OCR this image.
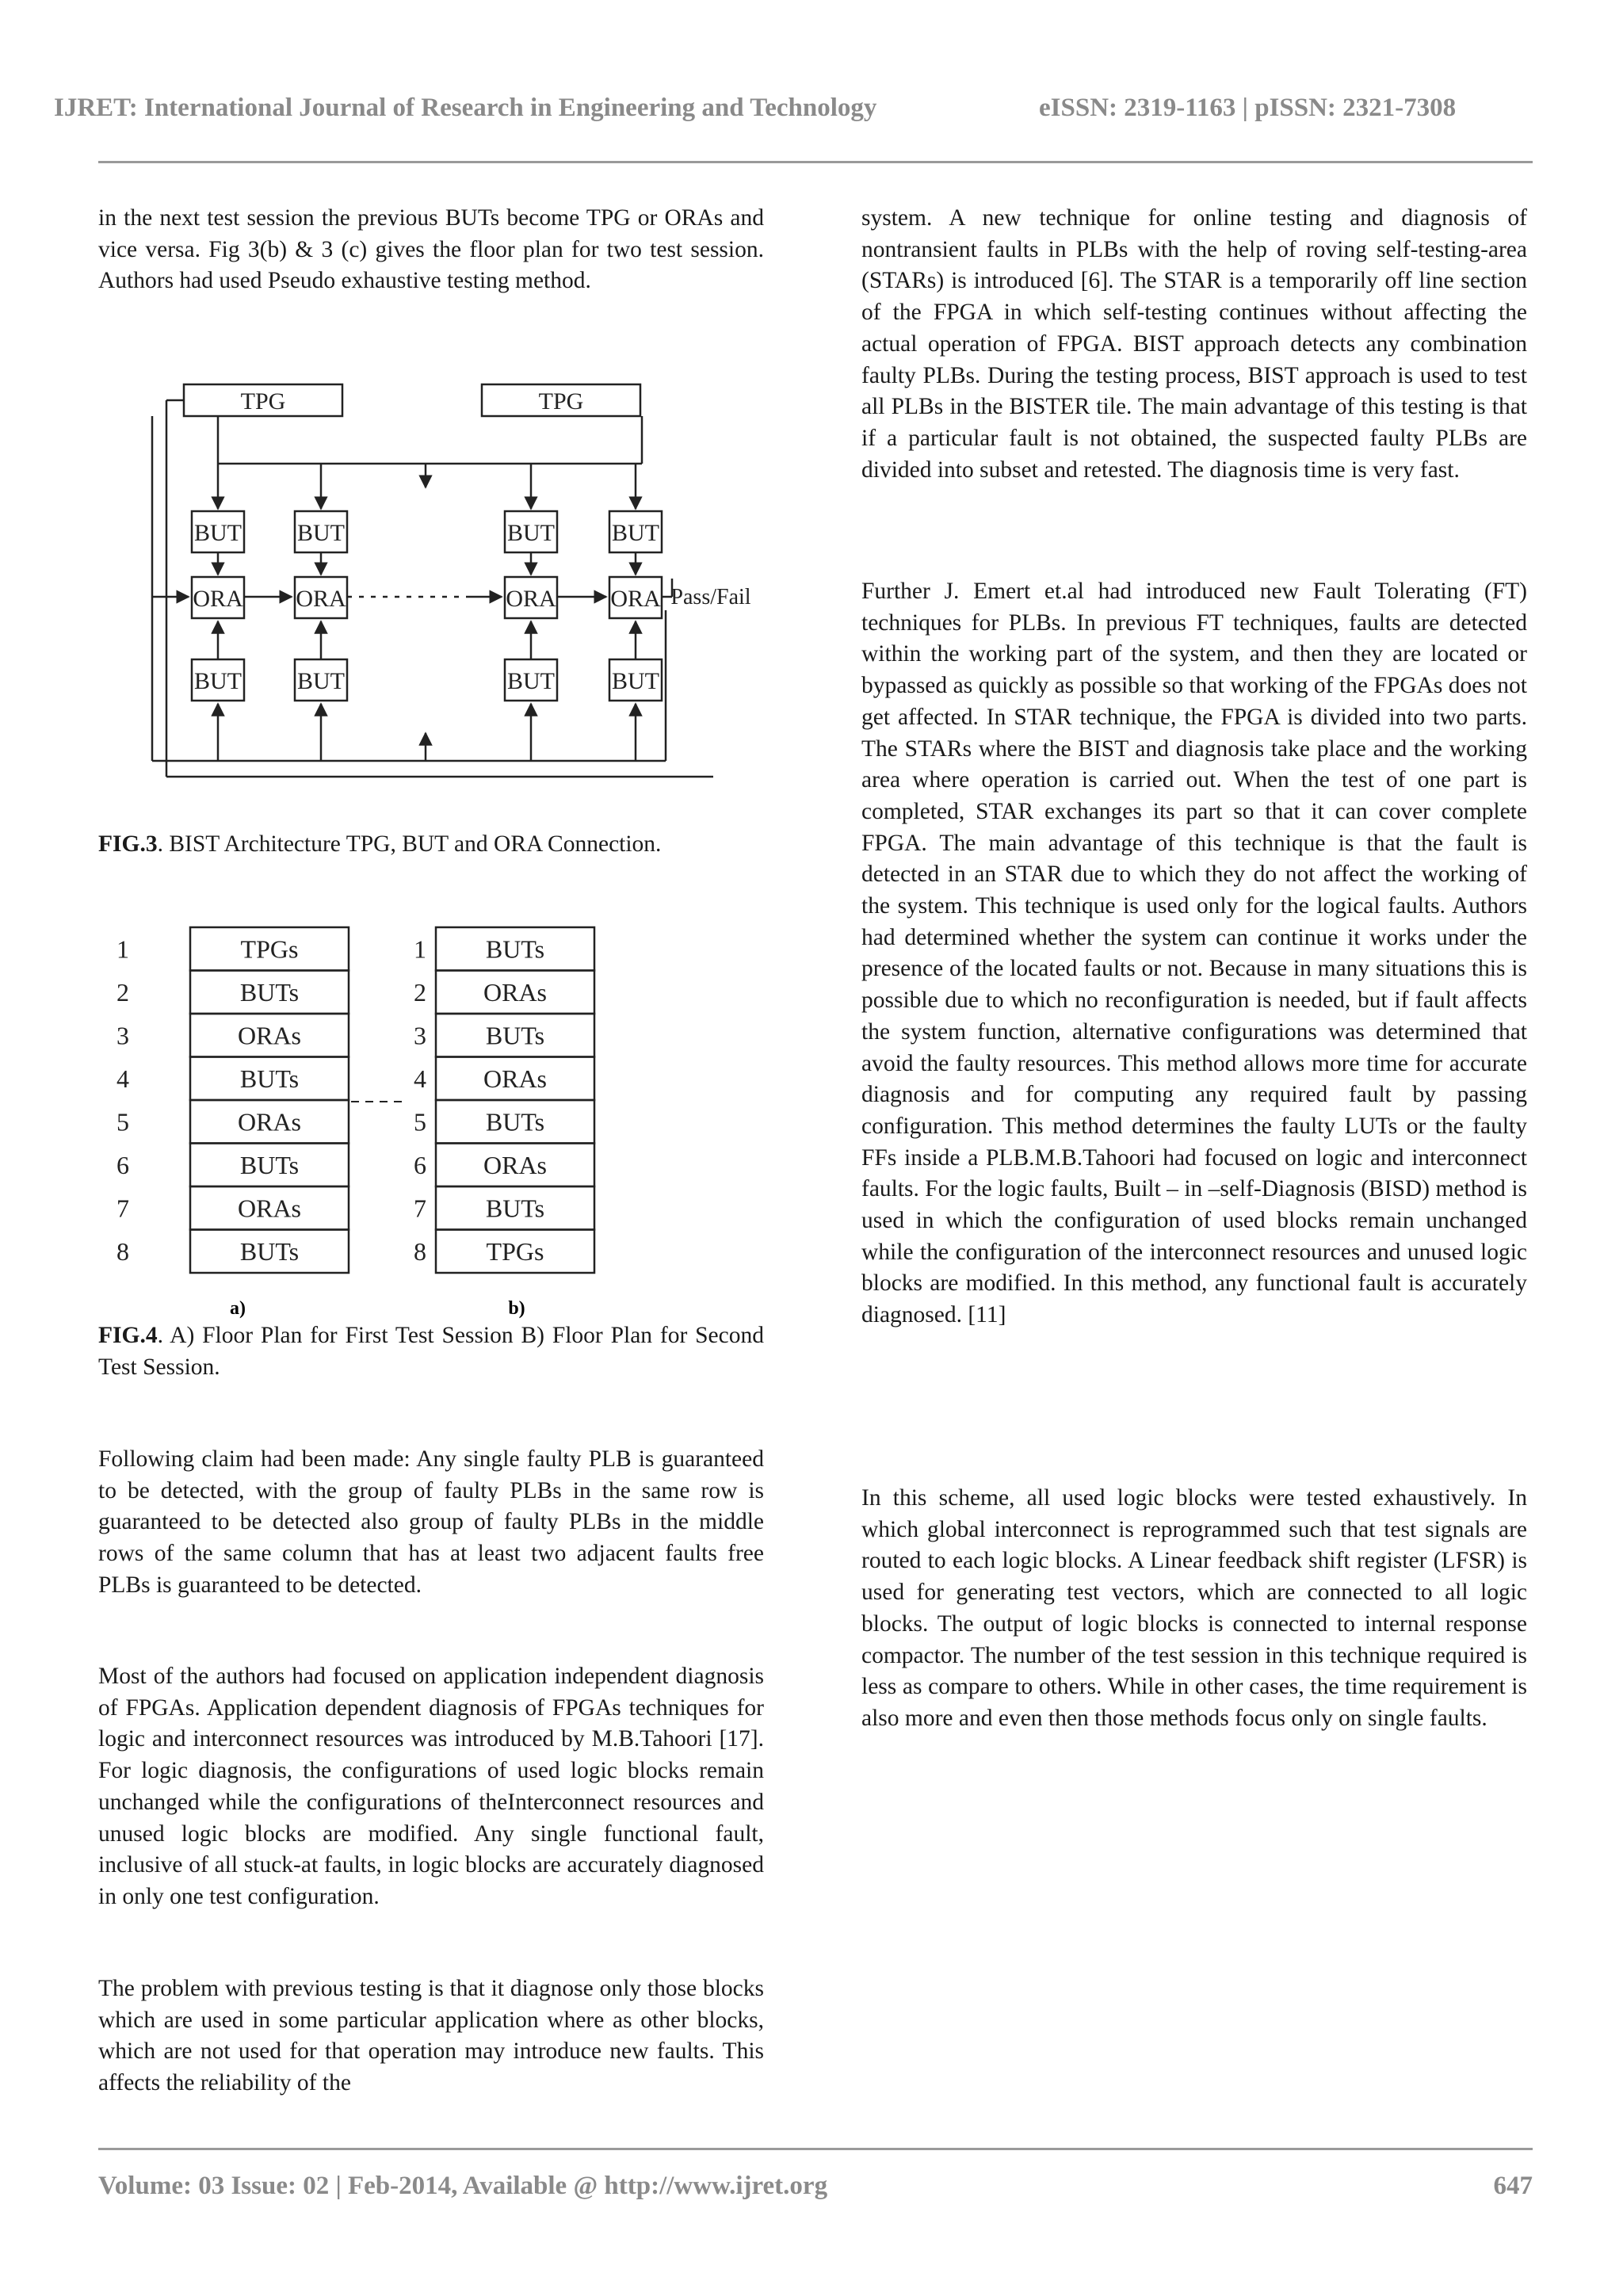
IJRET: International Journal of Research in Engineering and Technology	eISSN: 2319-1163 | pISSN: 2321-7308

in the next test session the previous BUTs become TPG or ORAs and vice versa. Fig 3(b) & 3 (c) gives the floor plan for two test session. Authors had used Pseudo exhaustive testing method.

TPG	TPG
BUT BUT	BUT BUT
ORA ORA	ORA ORA
BUT BUT	BUT BUT
Pass/Fail
FIG.3. BIST Architecture TPG, BUT and ORA Connection.
1	TPGs
2	BUTs
3	ORAs
4	BUTs
5	ORAs
6	BUTs
7	ORAs
8	BUTs
1 BUTs
2 ORAs
3 BUTs
4 ORAs
5 BUTs
6 ORAs
7 BUTs
8 TPGs
a)	b)
FIG.4. A) Floor Plan for First Test Session B) Floor Plan for Second Test Session.

Following claim had been made: Any single faulty PLB is guaranteed to be detected, with the group of faulty PLBs in the same row is guaranteed to be detected also group of faulty PLBs in the middle rows of the same column that has at least two adjacent faults free PLBs is guaranteed to be detected.

Most of the authors had focused on application independent diagnosis of FPGAs. Application dependent diagnosis of FPGAs techniques for logic and interconnect resources was introduced by M.B.Tahoori [17]. For logic diagnosis, the configurations of used logic blocks remain unchanged while the configurations of theInterconnect resources and unused logic blocks are modified. Any single functional fault, inclusive of all stuck-at faults, in logic blocks are accurately diagnosed in only one test configuration.

The problem with previous testing is that it diagnose only those blocks which are used in some particular application where as other blocks, which are not used for that operation may introduce new faults. This affects the reliability of the

system. A new technique for online testing and diagnosis of nontransient faults in PLBs with the help of roving self-testing-area (STARs) is introduced [6]. The STAR is a temporarily off line section of the FPGA in which self-testing continues without affecting the actual operation of FPGA. BIST approach detects any combination faulty PLBs. During the testing process, BIST approach is used to test all PLBs in the BISTER tile. The main advantage of this testing is that if a particular fault is not obtained, the suspected faulty PLBs are divided into subset and retested. The diagnosis time is very fast.

Further J. Emert et.al had introduced new Fault Tolerating (FT) techniques for PLBs. In previous FT techniques, faults are detected within the working part of the system, and then they are located or bypassed as quickly as possible so that working of the FPGAs does not get affected. In STAR technique, the FPGA is divided into two parts. The STARs where the BIST and diagnosis take place and the working area where operation is carried out. When the test of one part is completed, STAR exchanges its part so that it can cover complete FPGA. The main advantage of this technique is that the fault is detected in an STAR due to which they do not affect the working of the system. This technique is used only for the logical faults. Authors had determined whether the system can continue it works under the presence of the located faults or not. Because in many situations this is possible due to which no reconfiguration is needed, but if fault affects the system function, alternative configurations was determined that avoid the faulty resources. This method allows more time for accurate diagnosis and for computing any required fault by passing configuration. This method determines the faulty LUTs or the faulty FFs inside a PLB.M.B.Tahoori had focused on logic and interconnect faults. For the logic faults, Built – in –self-Diagnosis (BISD) method is used in which the configuration of used blocks remain unchanged while the configuration of the interconnect resources and unused logic blocks are modified. In this method, any functional fault is accurately diagnosed. [11]

In this scheme, all used logic blocks were tested exhaustively. In which global interconnect is reprogrammed such that test signals are routed to each logic blocks. A Linear feedback shift register (LFSR) is used for generating test vectors, which are connected to all logic blocks. The output of logic blocks is connected to internal response compactor. The number of the test session in this technique required is less as compare to others. While in other cases, the time requirement is also more and even then those methods focus only on single faults.

Volume: 03 Issue: 02 | Feb-2014, Available @ http://www.ijret.org	647
